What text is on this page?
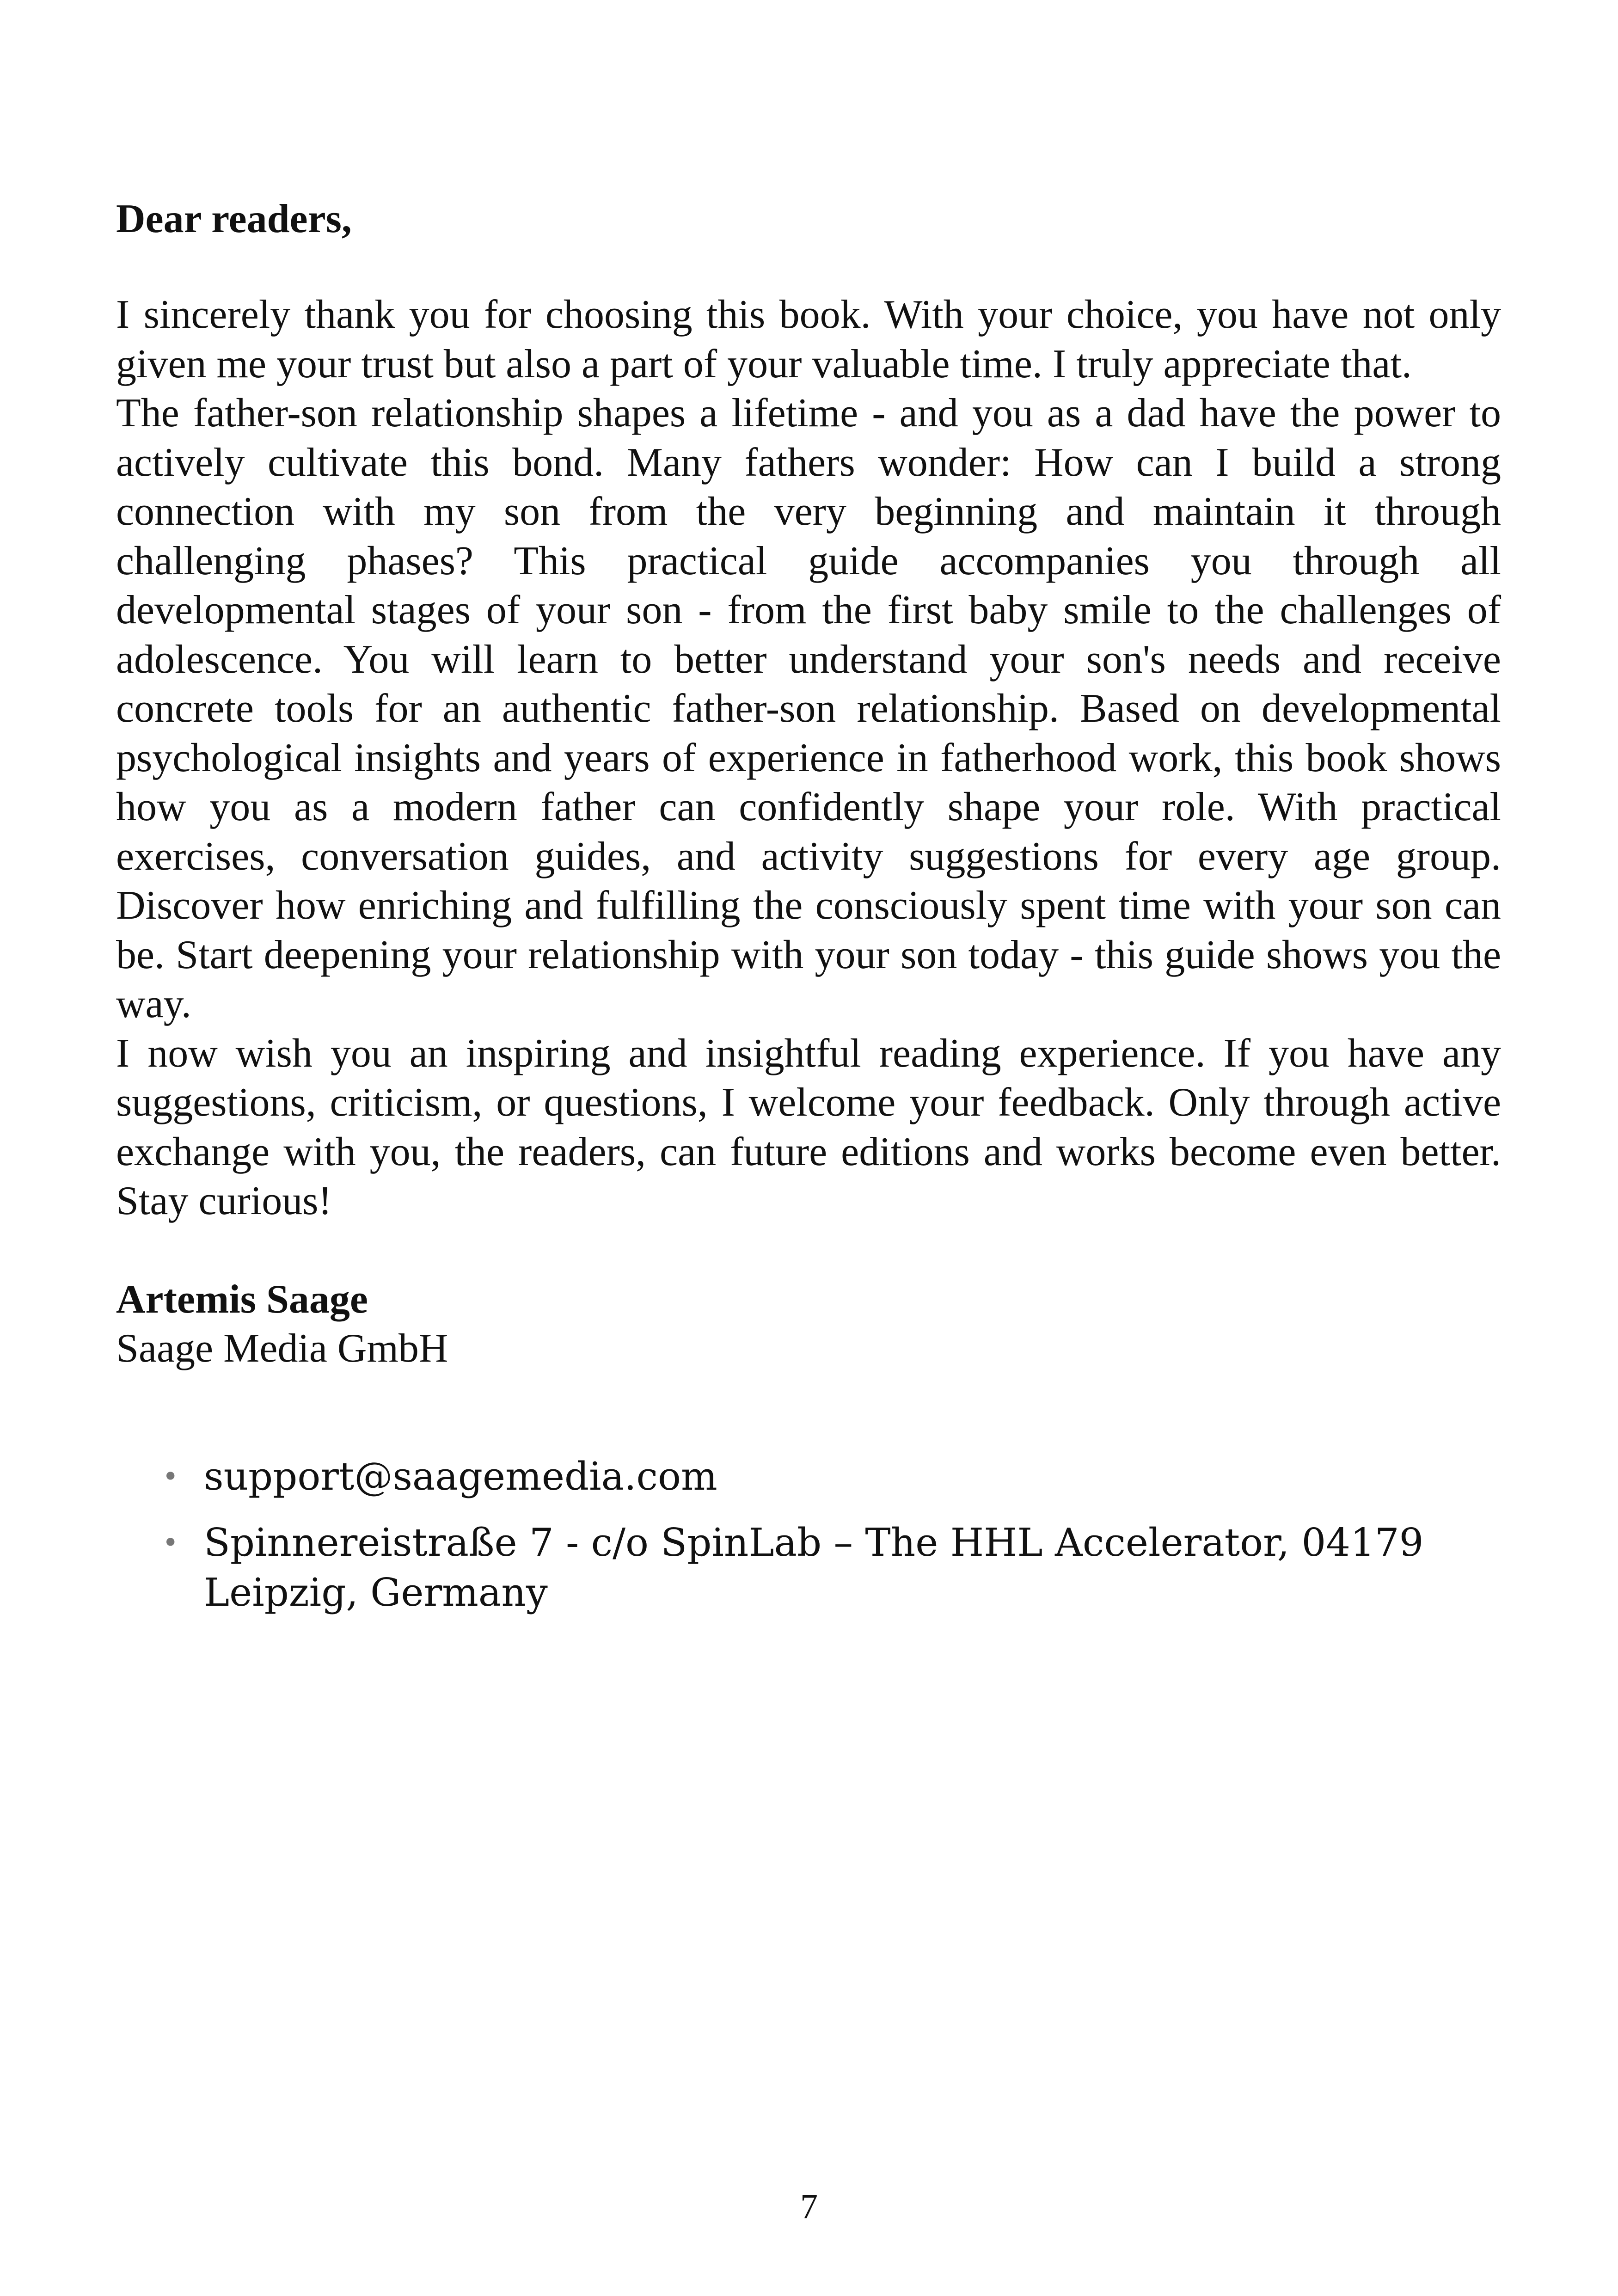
Dear readers,

I sincerely thank you for choosing this book. With your choice, you have not only given me your trust but also a part of your valuable time. I truly appreciate that.

The father-son relationship shapes a lifetime - and you as a dad have the power to actively cultivate this bond. Many fathers wonder: How can I build a strong connection with my son from the very beginning and maintain it through challenging phases? This practical guide accompanies you through all developmental stages of your son - from the first baby smile to the challenges of adolescence. You will learn to better understand your son's needs and receive concrete tools for an authentic father-son relationship. Based on developmental psychological insights and years of experience in fatherhood work, this book shows how you as a modern father can confidently shape your role. With practical exercises, conversation guides, and activity suggestions for every age group. Discover how enriching and fulfilling the consciously spent time with your son can be. Start deepening your relationship with your son today - this guide shows you the way.

I now wish you an inspiring and insightful reading experience. If you have any suggestions, criticism, or questions, I welcome your feedback. Only through active exchange with you, the readers, can future editions and works become even better. Stay curious!

Artemis Saage

Saage Media GmbH

• support@saagemedia.com
• Spinnereistraße 7 - c/o SpinLab – The HHL Accelerator, 04179 Leipzig, Germany
7
